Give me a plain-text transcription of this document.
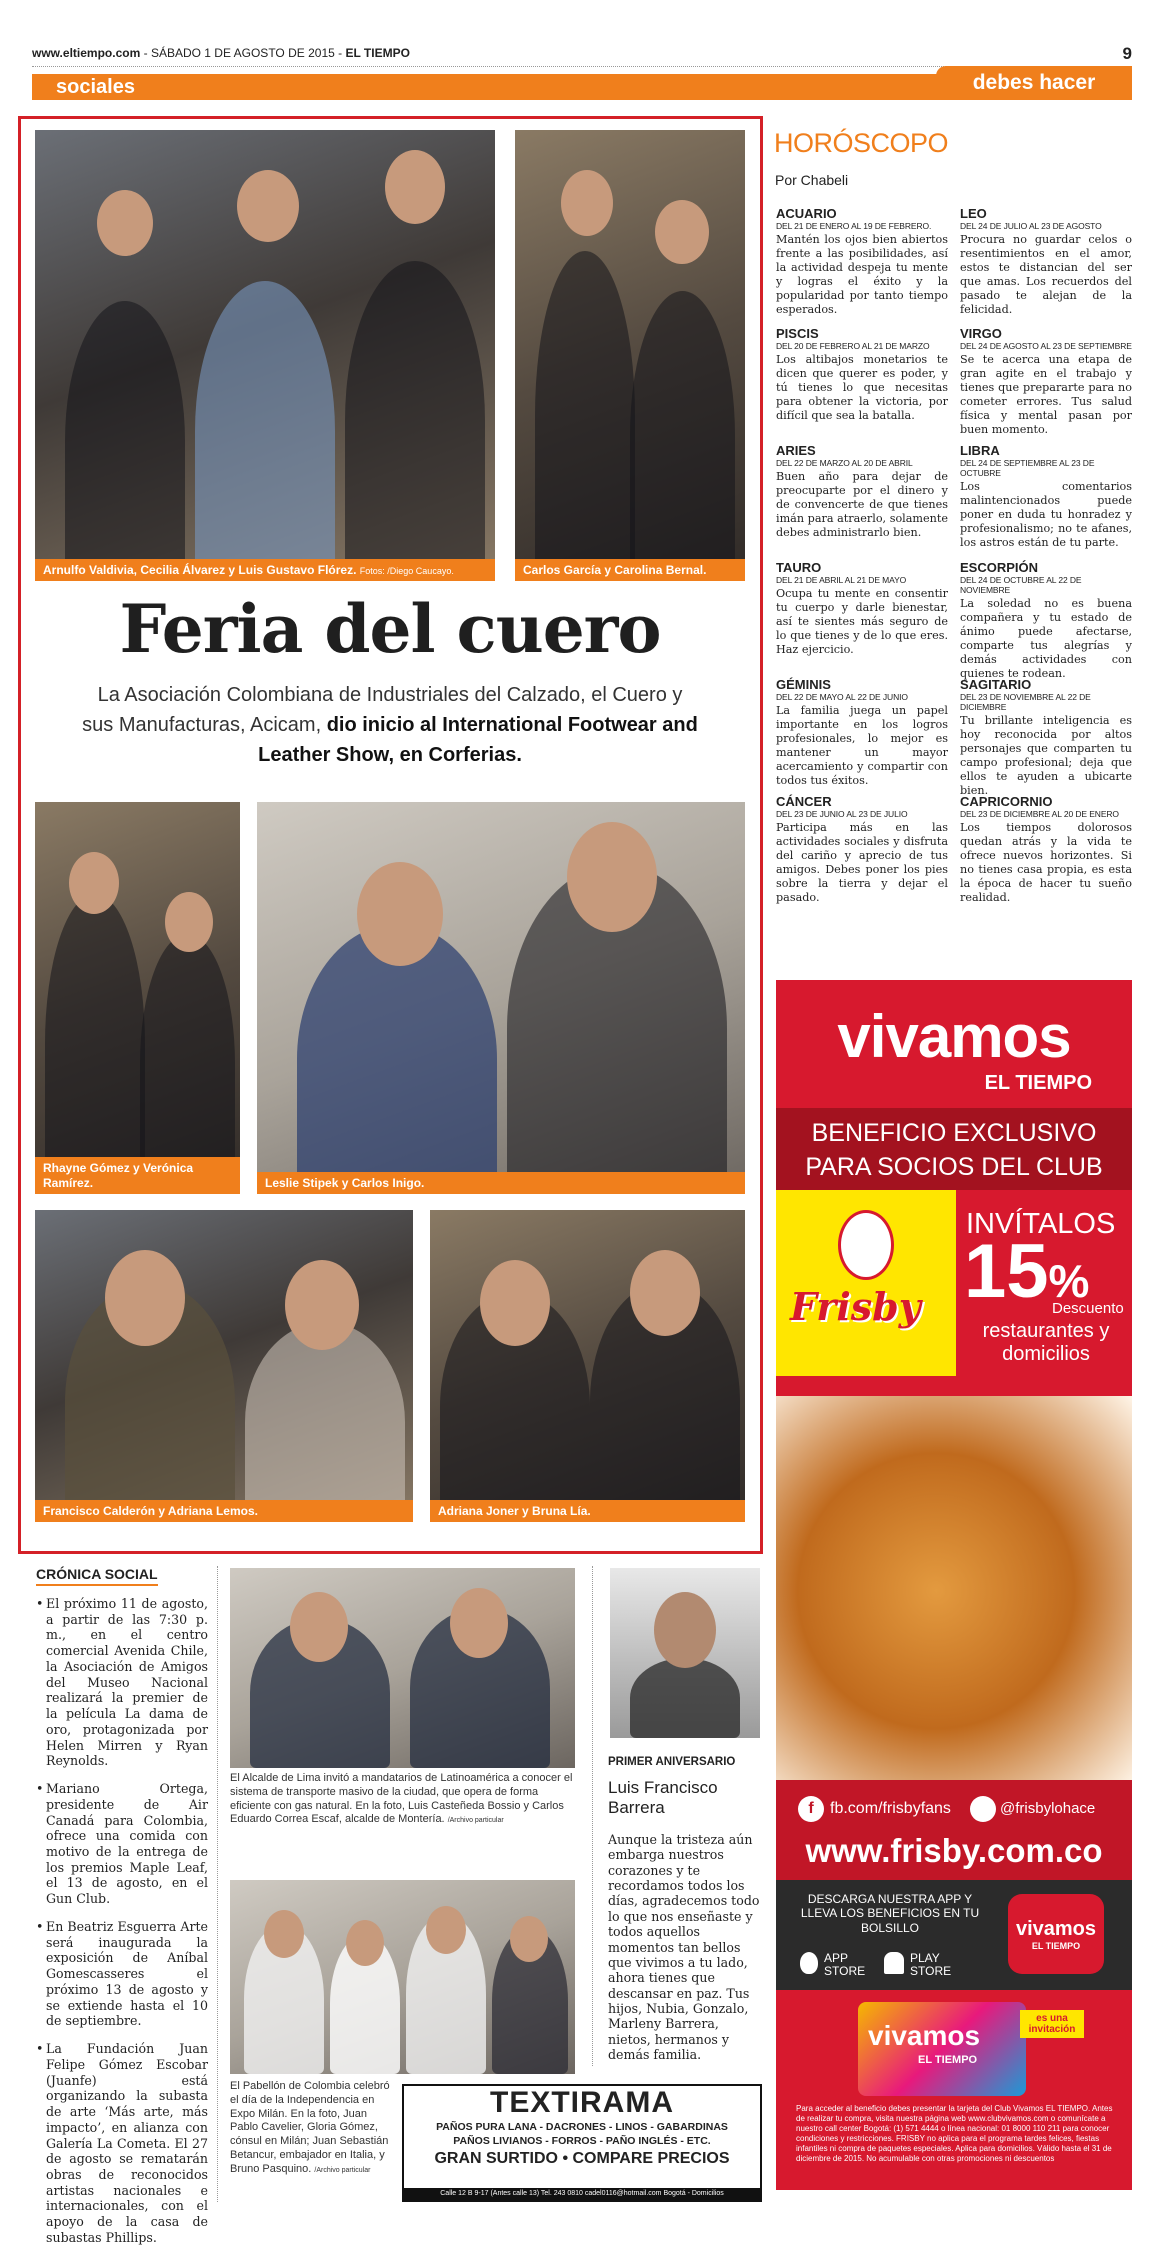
www.eltiempo.com - SÁBADO 1 DE AGOSTO DE 2015 - EL TIEMPO	9
sociales	debes hacer
Arnulfo Valdivia, Cecilia Álvarez y Luis Gustavo Flórez. Fotos: /Diego Caucayo.	Carlos García y Carolina Bernal.
Feria del cuero
La Asociación Colombiana de Industriales del Calzado, el Cuero y sus Manufacturas, Acicam, dio inicio al International Footwear and Leather Show, en Corferias.
Rhayne Gómez y Verónica Ramírez.	Leslie Stipek y Carlos Inigo.
Francisco Calderón y Adriana Lemos.	Adriana Joner y Bruna Lía.
HORÓSCOPO
Por Chabeli
ACUARIO
DEL 21 DE ENERO AL 19 DE FEBRERO.

Mantén los ojos bien abiertos frente a las posibilidades, así la actividad despeja tu mente y logras el éxito y la popularidad por tanto tiempo esperados.

PISCIS
DEL 20 DE FEBRERO AL 21 DE MARZO

Los altibajos monetarios te dicen que querer es poder, y tú tienes lo que necesitas para obtener la victoria, por difícil que sea la batalla.

ARIES
DEL 22 DE MARZO AL 20 DE ABRIL

Buen año para dejar de preocuparte por el dinero y de convencerte de que tienes imán para atraerlo, solamente debes administrarlo bien.

TAURO
DEL 21 DE ABRIL AL 21 DE MAYO

Ocupa tu mente en consentir tu cuerpo y darle bienestar, así te sientes más seguro de lo que tienes y de lo que eres. Haz ejercicio.

GÉMINIS
DEL 22 DE MAYO AL 22 DE JUNIO

La familia juega un papel importante en los logros profesionales, lo mejor es mantener un mayor acercamiento y compartir con todos tus éxitos.

CÁNCER
DEL 23 DE JUNIO AL 23 DE JULIO

Participa más en las actividades sociales y disfruta del cariño y aprecio de tus amigos. Debes poner los pies sobre la tierra y dejar el pasado.

LEO
DEL 24 DE JULIO AL 23 DE AGOSTO

Procura no guardar celos o resentimientos en el amor, estos te distancian del ser que amas. Los recuerdos del pasado te alejan de la felicidad.

VIRGO
DEL 24 DE AGOSTO AL 23 DE SEPTIEMBRE

Se te acerca una etapa de gran agite en el trabajo y tienes que prepararte para no cometer errores. Tus salud física y mental pasan por buen momento.

LIBRA
DEL 24 DE SEPTIEMBRE AL 23 DE OCTUBRE

Los comentarios malintencionados puede poner en duda tu honradez y profesionalismo; no te afanes, los astros están de tu parte.

ESCORPIÓN
DEL 24 DE OCTUBRE AL 22 DE NOVIEMBRE

La soledad no es buena compañera y tu estado de ánimo puede afectarse, comparte tus alegrías y demás actividades con quienes te rodean.

SAGITARIO
DEL 23 DE NOVIEMBRE AL 22 DE DICIEMBRE

Tu brillante inteligencia es hoy reconocida por altos personajes que comparten tu campo profesional; deja que ellos te ayuden a ubicarte bien.

CAPRICORNIO
DEL 23 DE DICIEMBRE AL 20 DE ENERO

Los tiempos dolorosos quedan atrás y la vida te ofrece nuevos horizontes. Si no tienes casa propia, es esta la época de hacer tu sueño realidad.

vivamos
EL TIEMPO
BENEFICIO EXCLUSIVO
PARA SOCIOS DEL CLUB
Frisby
INVÍTALOS
15%
Descuento
restaurantes y domicilios
f	fb.com/frisbyfans	@frisbylohace
www.frisby.com.co
DESCARGA NUESTRA APP Y LLEVA LOS BENEFICIOS EN TU BOLSILLO
APP STORE
PLAY STORE
vivamos
EL TIEMPO
vivamos
EL TIEMPO
es una invitación
Para acceder al beneficio debes presentar la tarjeta del Club Vivamos EL TIEMPO. Antes de realizar tu compra, visita nuestra página web www.clubvivamos.com o comunícate a nuestro call center Bogotá: (1) 571 4444 o línea nacional: 01 8000 110 211 para conocer condiciones y restricciones. FRISBY no aplica para el programa tardes felices, fiestas infantiles ni compra de paquetes especiales. Aplica para domicilios. Válido hasta el 31 de diciembre de 2015. No acumulable con otras promociones ni descuentos
CRÓNICA SOCIAL

• El próximo 11 de agosto, a partir de las 7:30 p. m., en el centro comercial Avenida Chile, la Asociación de Amigos del Museo Nacional realizará la premier de la película La dama de oro, protagonizada por Helen Mirren y Ryan Reynolds.

• Mariano Ortega, presidente de Air Canadá para Colombia, ofrece una comida con motivo de la entrega de los premios Maple Leaf, el 13 de agosto, en el Gun Club.

• En Beatriz Esguerra Arte será inaugurada la exposición de Aníbal Gomescasseres el próximo 13 de agosto y se extiende hasta el 10 de septiembre.

• La Fundación Juan Felipe Gómez Escobar (Juanfe) está organizando la subasta de arte ‘Más arte, más impacto’, en alianza con Galería La Cometa. El 27 de agosto se rematarán obras de reconocidos artistas nacionales e internacionales, con el apoyo de la casa de subastas Phillips.

El Alcalde de Lima invitó a mandatarios de Latinoamérica a conocer el sistema de transporte masivo de la ciudad, que opera de forma eficiente con gas natural. En la foto, Luis Casteñeda Bossio y Carlos Eduardo Correa Escaf, alcalde de Montería. /Archivo particular
El Pabellón de Colombia celebró el día de la Independencia en Expo Milán. En la foto, Juan Pablo Cavelier, Gloria Gómez, cónsul en Milán; Juan Sebastián Betancur, embajador en Italia, y Bruno Pasquino. /Archivo particular
PRIMER ANIVERSARIO
Luis Francisco Barrera
Aunque la tristeza aún embarga nuestros corazones y te recordamos todos los días, agradecemos todo lo que nos enseñaste y todos aquellos momentos tan bellos que vivimos a tu lado, ahora tienes que descansar en paz. Tus hijos, Nubia, Gonzalo, Marleny Barrera, nietos, hermanos y demás familia.
TEXTIRAMA
PAÑOS PURA LANA - DACRONES - LINOS - GABARDINAS
PAÑOS LIVIANOS - FORROS - PAÑO INGLÉS - ETC.
GRAN SURTIDO • COMPARE PRECIOS
Calle 12 B 9-17 (Antes calle 13) Tel. 243 0810 cadel0116@hotmail.com Bogotá - Domicilios
